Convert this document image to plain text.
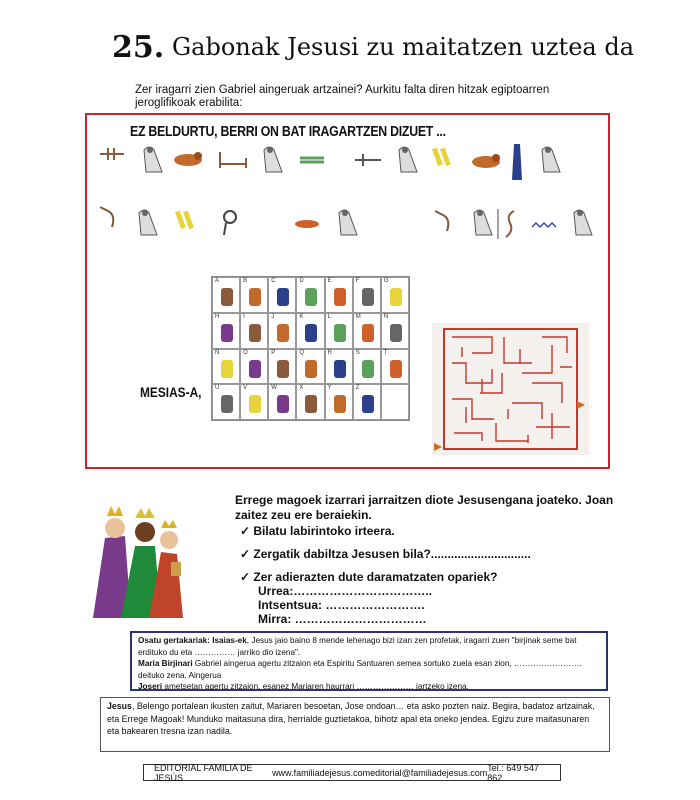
25. Gabonak Jesusi zu maitatzen uztea da
Zer iragarri zien Gabriel aingeruak artzainei? Aurkitu falta diren hitzak egiptoarren jeroglifikoak erabilita:
EZ BELDURTU, BERRI ON BAT IRAGARTZEN DIZUET ...
A	B	C	D	E	F	G
H	I	J	K	L	M	N
Ñ	O	P	Q	R	S	T
U	V	W	X	Y	Z
MESIAS-A,
Errege magoek izarrari jarraitzen diote Jesusengana joateko. Joan zaitez zeu ere beraiekin.
✓ Bilatu labirintoko irteera.
✓ Zergatik dabiltza Jesusen bila?..............................
✓ Zer adierazten dute daramatzaten opariek?
Urrea:……………………………..
Intsentsua: …………………….
Mirra: ……………………………
Osatu gertakariak: Isaias-ek, Jesus jaio baino 8 mende lehenago bizi izan zen profetak, iragarri zuen "birjinak seme bat erdituko du eta …………… jarriko dio izena".
Maria Birjinari Gabriel aingerua agertu zitzaion eta Espiritu Santuaren semea sortuko zuela esan zion, ……………………. deituko zena. Aingerua
Joseri ametsetan agertu zitzaion, esanez Mariaren haurrari ………………… jartzeko izena.
Jesus, Belengo portalean ikusten zaitut, Mariaren besoetan, Jose ondoan… eta asko pozten naiz. Begira, badatoz artzainak, eta Errege Magoak! Munduko maitasuna dira, herrialde guztietakoa, bihotz apal eta oneko jendea. Egizu zure maitasunaren eta bakearen tresna izan nadila.
EDITORIAL FAMILIA DE JESÚS	www.familiadejesus.com editorial@familiadejesus.com Tel.: 649 547 862
